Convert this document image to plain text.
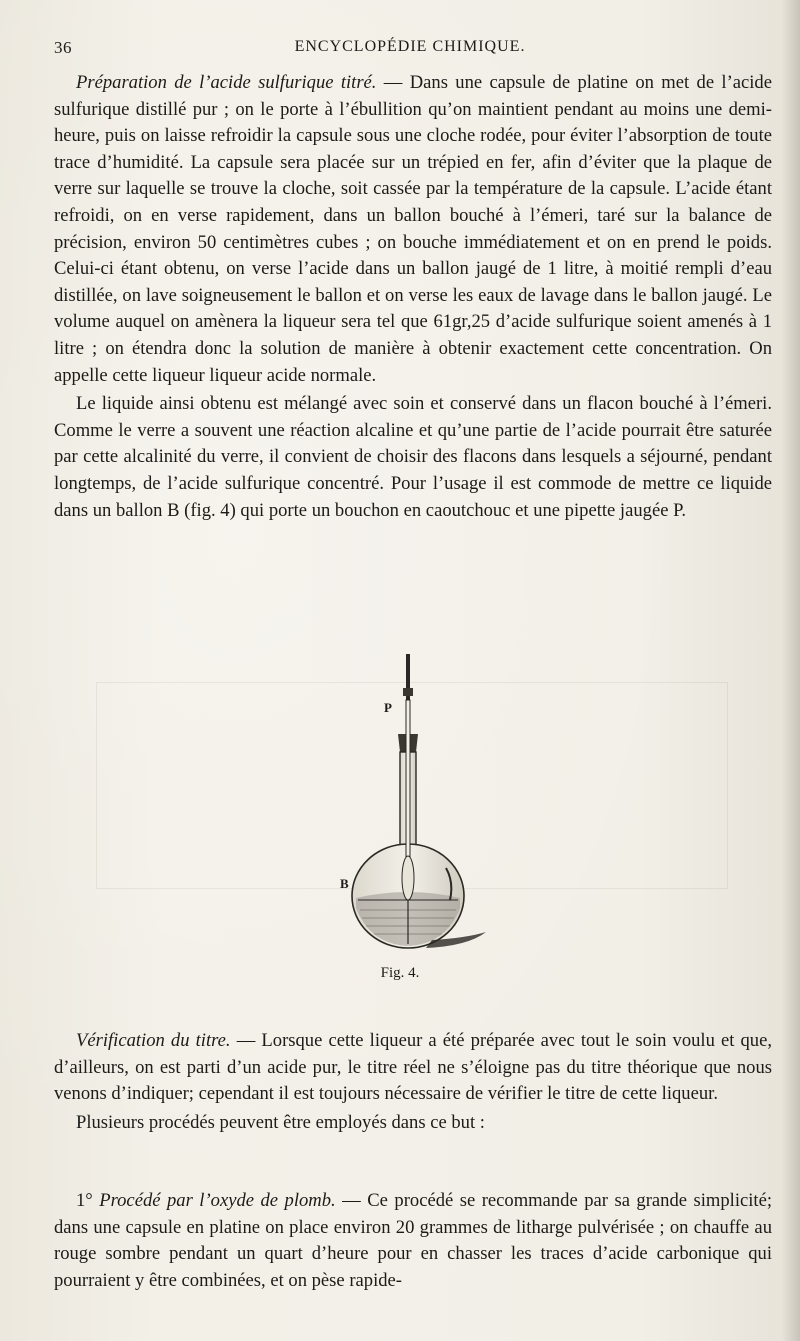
36	ENCYCLOPÉDIE CHIMIQUE.

Préparation de l’acide sulfurique titré. — Dans une capsule de platine on met de l’acide sulfurique distillé pur ; on le porte à l’ébullition qu’on maintient pendant au moins une demi-heure, puis on laisse refroidir la capsule sous une cloche rodée, pour éviter l’absorption de toute trace d’humidité. La capsule sera placée sur un trépied en fer, afin d’éviter que la plaque de verre sur laquelle se trouve la cloche, soit cassée par la température de la capsule. L’acide étant refroidi, on en verse rapidement, dans un ballon bouché à l’émeri, taré sur la balance de précision, environ 50 centimètres cubes ; on bouche immédiatement et on en prend le poids. Celui-ci étant obtenu, on verse l’acide dans un ballon jaugé de 1 litre, à moitié rempli d’eau distillée, on lave soigneusement le ballon et on verse les eaux de lavage dans le ballon jaugé. Le volume auquel on amènera la liqueur sera tel que 61gr,25 d’acide sulfurique soient amenés à 1 litre ; on étendra donc la solution de manière à obtenir exactement cette concentration. On appelle cette liqueur liqueur acide normale.

Le liquide ainsi obtenu est mélangé avec soin et conservé dans un flacon bouché à l’émeri. Comme le verre a souvent une réaction alcaline et qu’une partie de l’acide pourrait être saturée par cette alcalinité du verre, il convient de choisir des flacons dans lesquels a séjourné, pendant longtemps, de l’acide sulfurique concentré. Pour l’usage il est commode de mettre ce liquide dans un ballon B (fig. 4) qui porte un bouchon en caoutchouc et une pipette jaugée P.

P
B
Fig. 4.

Vérification du titre. — Lorsque cette liqueur a été préparée avec tout le soin voulu et que, d’ailleurs, on est parti d’un acide pur, le titre réel ne s’éloigne pas du titre théorique que nous venons d’indiquer; cependant il est toujours nécessaire de vérifier le titre de cette liqueur.

Plusieurs procédés peuvent être employés dans ce but :

1° Procédé par l’oxyde de plomb. — Ce procédé se recommande par sa grande simplicité; dans une capsule en platine on place environ 20 grammes de litharge pulvérisée ; on chauffe au rouge sombre pendant un quart d’heure pour en chasser les traces d’acide carbonique qui pourraient y être combinées, et on pèse rapide-
